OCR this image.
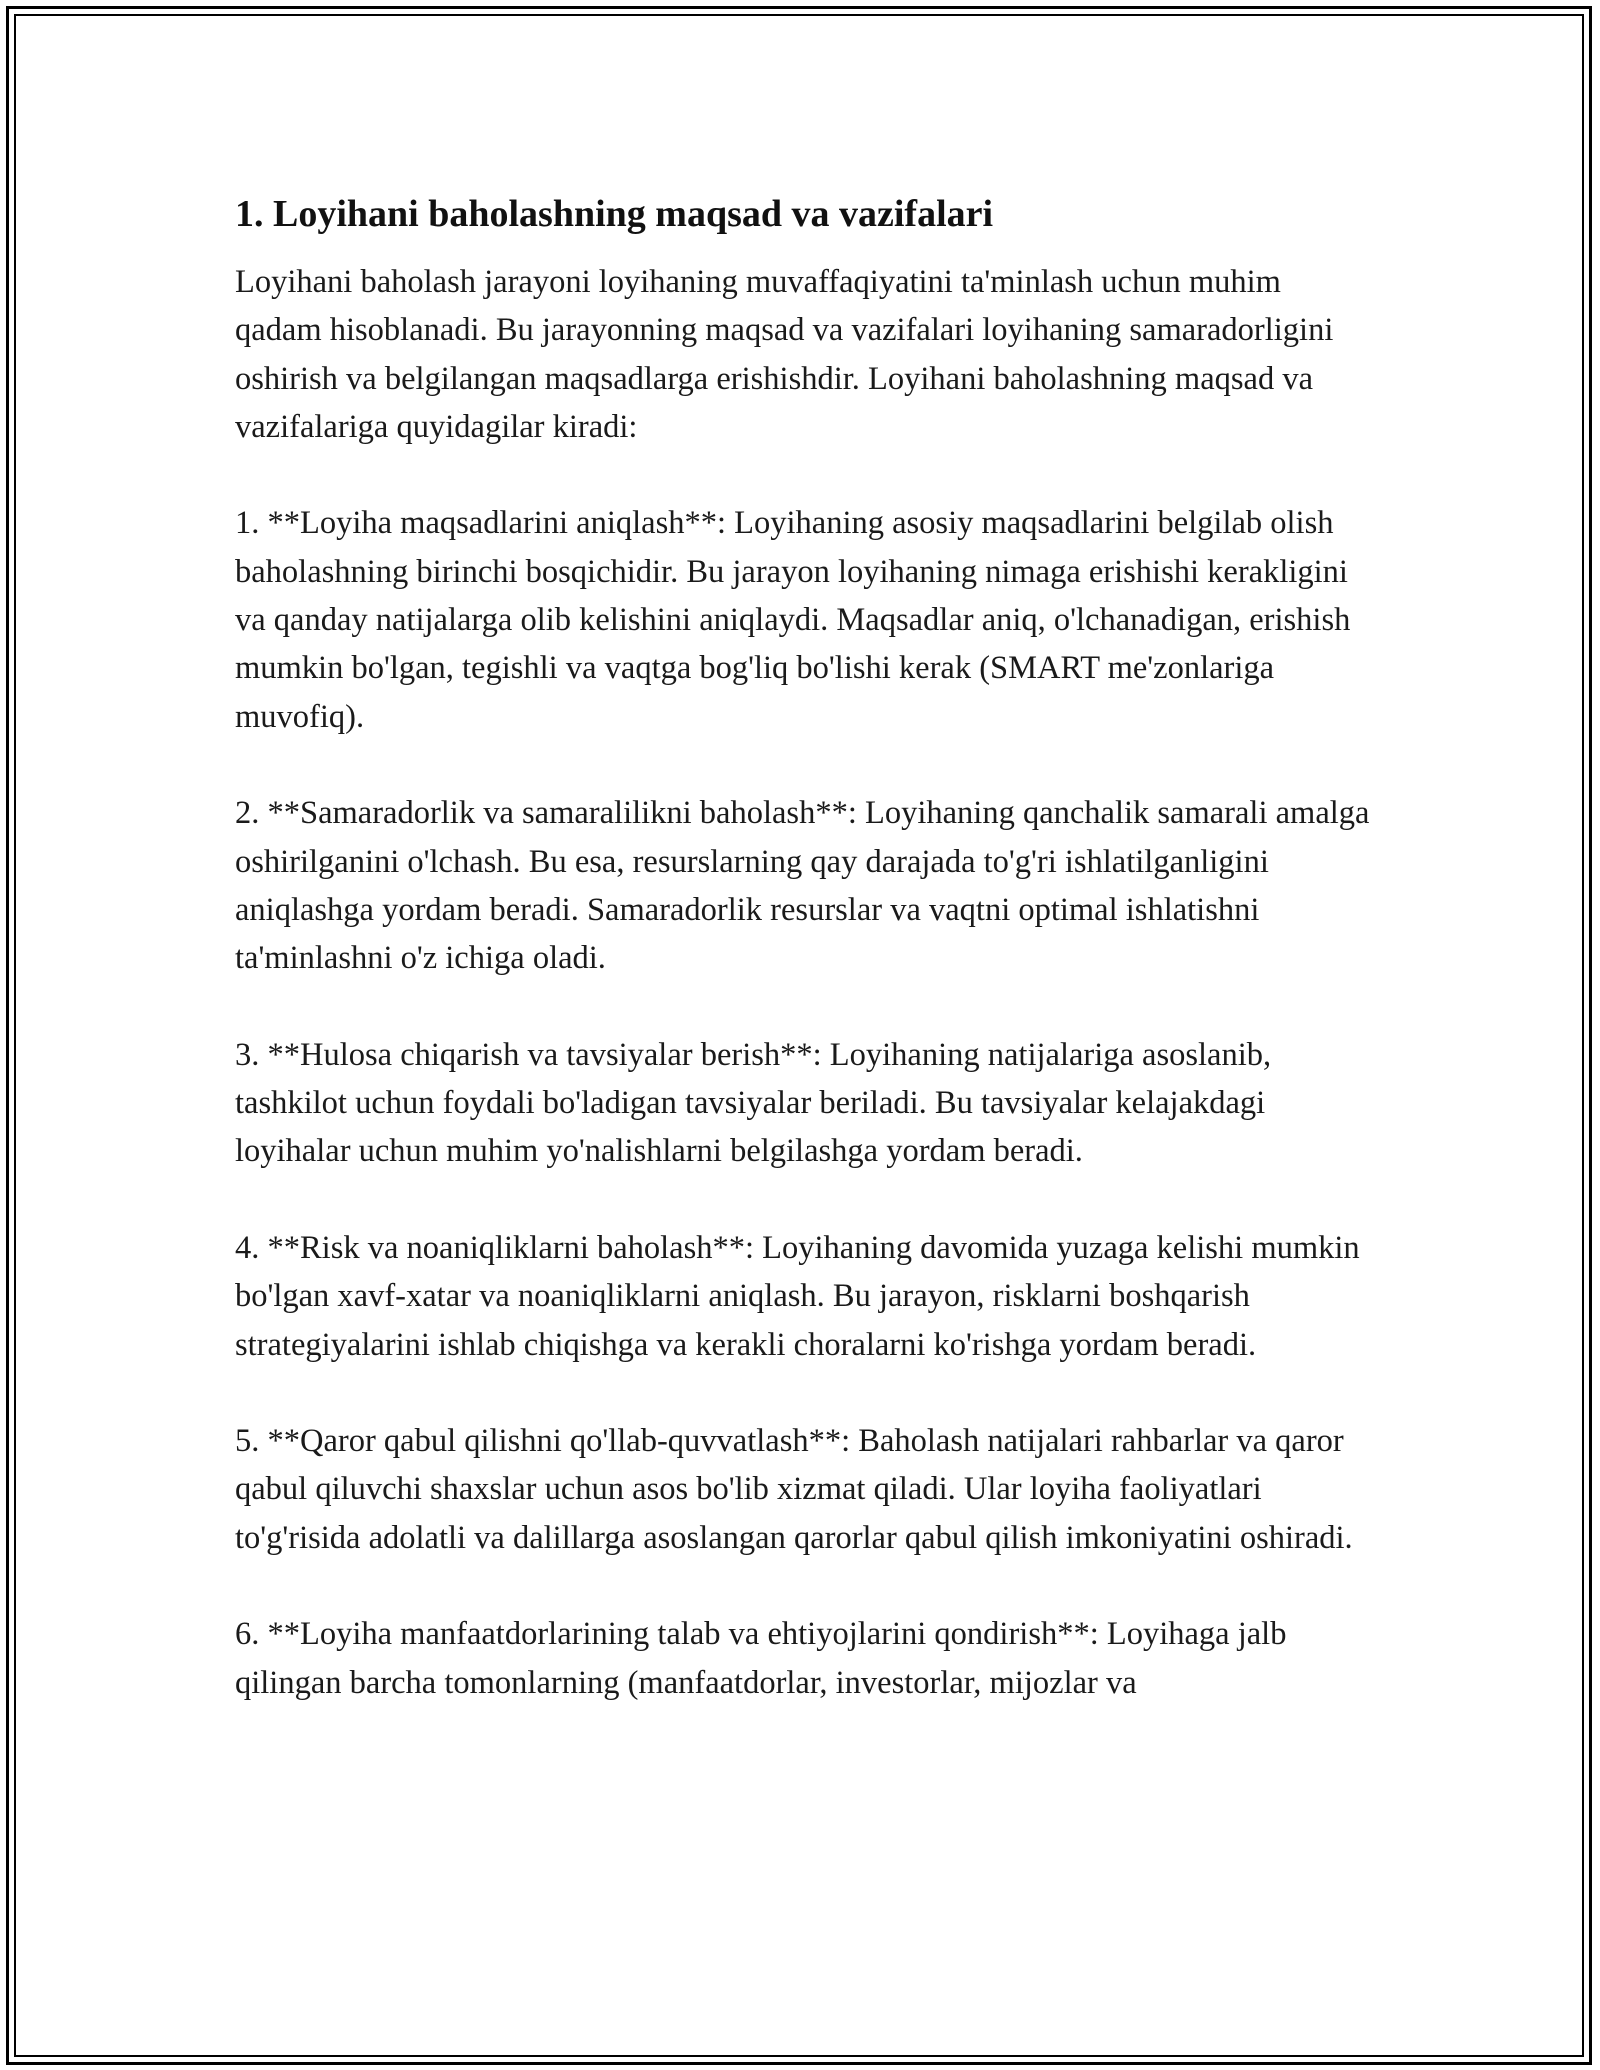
1. Loyihani baholashning maqsad va vazifalari

Loyihani baholash jarayoni loyihaning muvaffaqiyatini ta'minlash uchun muhim qadam hisoblanadi. Bu jarayonning maqsad va vazifalari loyihaning samaradorligini oshirish va belgilangan maqsadlarga erishishdir. Loyihani baholashning maqsad va vazifalariga quyidagilar kiradi:

1. **Loyiha maqsadlarini aniqlash**: Loyihaning asosiy maqsadlarini belgilab olish baholashning birinchi bosqichidir. Bu jarayon loyihaning nimaga erishishi kerakligini va qanday natijalarga olib kelishini aniqlaydi. Maqsadlar aniq, o'lchanadigan, erishish mumkin bo'lgan, tegishli va vaqtga bog'liq bo'lishi kerak (SMART me'zonlariga muvofiq).

2. **Samaradorlik va samaralilikni baholash**: Loyihaning qanchalik samarali amalga oshirilganini o'lchash. Bu esa, resurslarning qay darajada to'g'ri ishlatilganligini aniqlashga yordam beradi. Samaradorlik resurslar va vaqtni optimal ishlatishni ta'minlashni o'z ichiga oladi.

3. **Hulosa chiqarish va tavsiyalar berish**: Loyihaning natijalariga asoslanib, tashkilot uchun foydali bo'ladigan tavsiyalar beriladi. Bu tavsiyalar kelajakdagi loyihalar uchun muhim yo'nalishlarni belgilashga yordam beradi.

4. **Risk va noaniqliklarni baholash**: Loyihaning davomida yuzaga kelishi mumkin bo'lgan xavf-xatar va noaniqliklarni aniqlash. Bu jarayon, risklarni boshqarish strategiyalarini ishlab chiqishga va kerakli choralarni ko'rishga yordam beradi.

5. **Qaror qabul qilishni qo'llab-quvvatlash**: Baholash natijalari rahbarlar va qaror qabul qiluvchi shaxslar uchun asos bo'lib xizmat qiladi. Ular loyiha faoliyatlari to'g'risida adolatli va dalillarga asoslangan qarorlar qabul qilish imkoniyatini oshiradi.

6. **Loyiha manfaatdorlarining talab va ehtiyojlarini qondirish**: Loyihaga jalb qilingan barcha tomonlarning (manfaatdorlar, investorlar, mijozlar va
